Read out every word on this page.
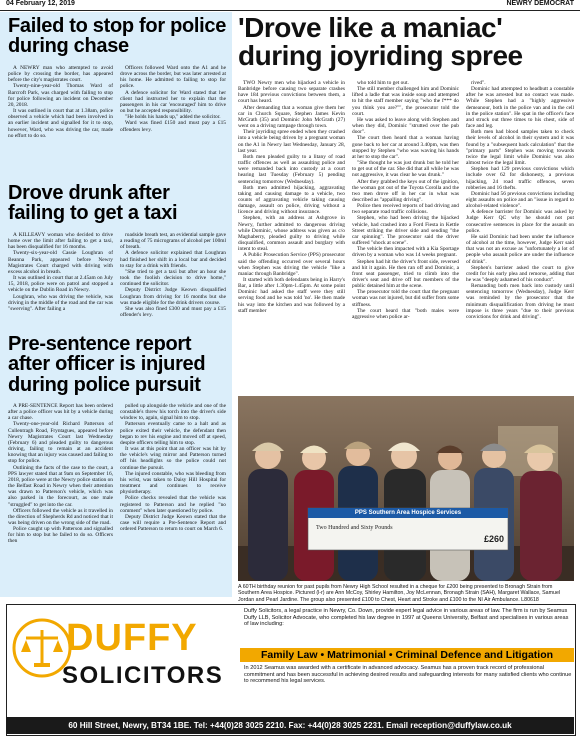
04 February 12, 2019	NEWRY DEMOCRAT
Failed to stop for police during chase

A NEWRY man who attempted to avoid police by crossing the border, has appeared before the city's magistrates court.

Twenty-nine-year-old Thomas Ward of Barcroft Park, was charged with failing to stop for police following an incident on December 20, 2018.

It was outlined in court that at 1.38am, police observed a vehicle which had been involved in an earlier incident and signalled for it to stop, however, Ward, who was driving the car, made no effort to do so.

Officers followed Ward onto the A1 and he drove across the border, but was later arrested at his home. He admitted to failing to stop for police.

A defence solicitor for Ward stated that her client had instructed her to explain that the passengers in his car 'encouraged' him to drive on but he accepted responsibility.

"He holds his hands up," added the solicitor.

Ward was fined £150 and must pay a £15 offenders levy.

Drove drunk after failing to get a taxi

A KILLEAVY woman who decided to drive home over the limit after failing to get a taxi, has been disqualified for 16 months.

Twenty-six-year-old Cassie Loughran of Beanna Park, appeared before Newry Magistrates Court charged with driving with excess alcohol in breath.

It was outlined in court that at 2.45am on July 15, 2018, police were on patrol and stopped a vehicle on the Dublin Road in Newry.

Loughran, who was driving the vehicle, was driving in the middle of the road and the car was "swerving". After failing a

roadside breath test, an evidential sample gave a reading of 75 micrograms of alcohol per 100ml of breath.

A defence solicitor explained that Loughran had finished her shift in a local bar and decided to stay for a drink with friends.

"She tried to get a taxi but after an hour she took the foolish decision to drive home," continued the solicitor.

Deputy District Judge Keown disqualified Loughran from driving for 16 months but she was made eligible for the drink drivers course.

She was also fined £300 and must pay a £15 offender's levy.

Pre-sentence report after officer is injured during police pursuit

A PRE-SENTENCE Report has been ordered after a police officer was hit by a vehicle during a car chase.

Twenty-one-year-old Richard Patterson of Cullentragh Road, Fryntagues, appeared before Newry Magistrates Court last Wednesday (February 6) and pleaded guilty to dangerous driving, failing to remain at an accident knowing that an injury was caused and failing to stop for police.

Outlining the facts of the case to the court, a PPS lawyer stated that at 9am on September 16, 2018, police were at the Newry police station on the Belfast Road in Newry when their attention was drawn to Patterson's vehicle, which was also parked in the forecourt, as one male "struggled" to get into the car.

Officers followed the vehicle as it travelled in the direction of Shepherds Rd and noticed that it was being driven on the wrong side of the road.

Police caught up with Patterson and signalled for him to stop but he failed to do so. Officers then

pulled up alongside the vehicle and one of the constable's threw his torch into the driver's side window to, again, signal him to stop.

Patterson eventually came to a halt and as police exited their vehicle, the defendant then began to rev his engine and moved off at speed, despite officers telling him to stop.

It was at this point that an officer was hit by the vehicle's wing mirror and Patterson turned off his headlights so the police could not continue the pursuit.

The injured constable, who was bleeding from his wrist, was taken to Daisy Hill Hospital for treatment and continues to receive physiotherapy.

Police checks revealed that the vehicle was registered to Patterson and he replied "no comment" when later questioned by police.

Deputy District Judge Keown stated that the case will require a Pre-Sentence Report and ordered Patterson to return to court on March 6.

'Drove like a maniac' during joyriding spree

TWO Newry men who hijacked a vehicle in Banbridge before causing two separate crashes have 184 previous convictions between them, a court has heard.

After demanding that a woman give them her car in Church Square, Stephen James Kevin McGrath (35) and Dominic John McGrath (27) went on a driving rampage through town.

Their joyriding spree ended when they crashed into a vehicle being driven by a pregnant woman on the A1 in Newry last Wednesday, January 28, last year.

Both men pleaded guilty to a litany of road traffic offences as well as assaulting police and were remanded back into custody at a court hearing last Tuesday (February 5) pending sentencing tomorrow (Wednesday).

Both men admitted hijacking, aggravating taking and causing damage to a vehicle, two counts of aggravating vehicle taking causing damage, assault on police, driving without a licence and driving without insurance.

Stephen, with an address at Ashgrove in Newry, further admitted to dangerous driving while Dominic, whose address was given as c/o Maghaberry, pleaded guilty to driving while disqualified, common assault and burglary with intent to steal.

A Public Prosecution Service (PPS) prosecutor said the offending occurred over several hours when Stephen was driving the vehicle "like a maniac through Banbridge".

It started with both defendants being in Harry's Bar, a little after 1.30pm-1.45pm. At some point Dominic had asked the staff were they still serving food and he was told 'no'. He then made his way into the kitchen and was followed by a staff member

who told him to get out.

The still member challenged him and Dominic lifted a ladle that was inside soup and attempted to hit the staff member saying "who the f*** do you think you are?"", the prosecutor told the court.

He was asked to leave along with Stephen and when they did, Dominic "strutted over the pub door".

The court then heard that a woman having gone back to her car at around 3.40pm, was then stopped by Stephen "who was waving his hands at her to stop the car".

"She thought he was just drunk but he told her to get out of the car. She did that all while he was not aggressive, it was clear he was drunk."

After they grabbed the keys out of the ignition, the woman got out of the Toyota Corolla and the two men drove off in her car in what was described as "appalling driving".

Police then received reports of bad driving and two separate road traffic collisions.

Stephen, who had been driving the hijacked vehicle, had crashed into a Ford Fiesta in Kettle Street striking the driver side and sending "the car spinning". The prosecutor said the driver suffered "shock at scene".

The vehicle then impacted with a Kia Sportage driven by a woman who was 14 weeks pregnant.

Stephen had hit the driver's front side, reversed and hit it again. He then ran off and Dominic, a front seat passenger, tried to climb into the driver's seat and drive off but members of the public detained him at the scene.

The prosecutor told the court that the pregnant woman was not injured, but did suffer from some stiffness.

The court heard that "both males were aggressive when police ar-

rived".

Dominic had attempted to headbutt a constable after he was arrested but no contact was made. While Stephen had a "highly aggressive demeanour, both in the police van and in the cell in the police station". He spat in the officer's face and struck out three times to his chest, side of face and leg.

Both men had blood samples taken to check their levels of alcohol in their system and it was found by a "subsequent back calculation" that the "primary parts" Stephen was moving towards twice the legal limit while Dominic was also almost twice the legal limit.

Stephen had 129 previous convictions which include over 62 for dishonesty, a previous hijacking, 24 road traffic offences, seven robberies and 16 thefts.

Dominic had 56 previous convictions including eight assaults on police and an "issue in regard to alcohol-related violence".

A defence barrister for Dominic was asked by Judge Kerr QC why he should not put consecutive sentences in place for the assault on police.

He said Dominic had been under the influence of alcohol at the time, however, Judge Kerr said that was not an excuse as "unfortunately a lot of people who assault police are under the influence of drink".

Stephen's barrister asked the court to give credit for his early plea and remorse, adding that he was "deeply ashamed of his conduct".

Remanding both men back into custody until sentencing tomorrow (Wednesday), Judge Kerr was reminded by the prosecutor that the minimum disqualification from driving he must impose is three years "due to their previous convictions for drink and driving".

PPS Southern Area Hospice Services
Two Hundred and Sixty Pounds
£260

A 60TH birthday reunion for past pupils from Newry High School resulted in a cheque for £200 being presented to Bronagh Strain from Southern Area Hospice. Pictured (l-r) are Ann McCoy, Shirley Hamilton, Joy McLennan, Bronagh Strain (SAH), Margaret Wallace, Samuel Jordan and Pearl Jardine. The group also presented £100 to Chest, Heart and Stroke and £100 to the NI Air Ambulance. L80618

DUFFY
SOLICITORS

Duffy Solicitors, a legal practice in Newry, Co. Down, provide expert legal advice in various areas of law. The firm is run by Seamus Duffy LLB, Solicitor Advocate, who completed his law degree in 1997 at Queens University, Belfast and specialises in various areas of law including:

Family Law • Matrimonial • Criminal Defence and Litigation

In 2012 Seamus was awarded with a certificate in advanced advocacy. Seamus has a proven track record of professional commitment and has been successful in achieving desired results and safeguarding interests for many satisfied clients who continue to recommend his legal services.

60 Hill Street, Newry, BT34 1BE. Tel: +44(0)28 3025 2210. Fax: +44(0)28 3025 2231. Email reception@duffylaw.co.uk
